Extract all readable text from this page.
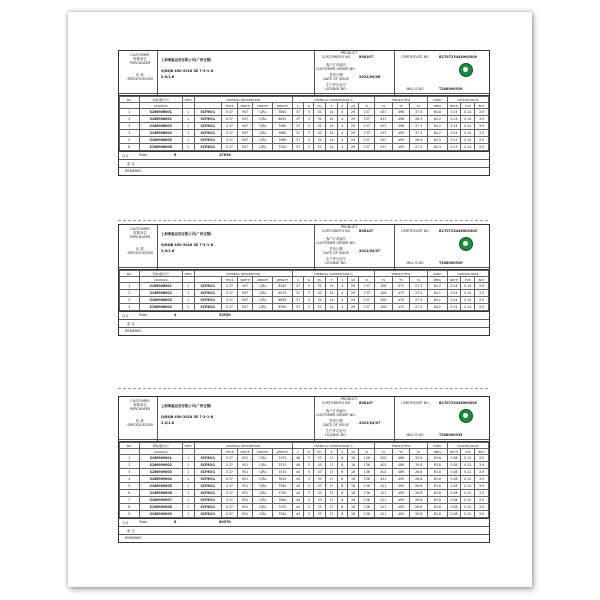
CUSTOMER
需要单位
PURCHASER
标 准
SPECIFICATION
上海奥惠运货有限公司(广州宝钢)
Q/BQB 450-2018 SE 7-3-1-8
2.0/1.6
PRODUCT
CUSTOMER'S NO	808107
客户订单编号
CUSTOMER ORDER NO.
签发日期
DATE OF ISSUE	2021/04/06
生产许可证号
LICENSE NO.
CERTIFICATE NO	B170723448900300
MILL'S NO	T208000929
NO.	钢卷(捆)包号	HEAT	MATERIAL DESCRIPTION					CHEMICAL COMPOSITION %							TENSILE TEST			HARD	COATING MASS		
	COILPACK			THICK	WIDTH	LENGTH	WEIGHT	C	Si	Mn	P	S	Alt	N	YS	TS	EL	NESS	BOTH	TOP	BOT
1	S166906001	1	SCF60/1	0.37	947	C/BL	7840	37	3	32	14	4	29	137	437	496	37.3	64.8	0.14	0.14	3.9
2	S166906002	1	SCF60/1	0.37	947	C/BL	8610	37	3	32	14	4	29	137	437	496	26.3	64.2	0.14	0.14	3.9
3	S166906003	1	SCF60/1	0.37	947	C/BL	7080	37	3	32	14	4	29	137	437	496	37.3	64.2	0.14	0.14	3.9
4	S166906004	1	SCF60/1	0.37	947	C/BL	7680	37	3	32	14	4	29	137	437	495	37.3	64.2	0.14	0.14	3.9
5	S166906005	1	SCF60/1	0.37	947	C/BL	7960	37	3	32	14	4	29	137	437	495	26.9	64.5	0.13	0.14	3.9
6	S166906006	1	SCF60/1	0.37	947	C/BL	7520	37	3	32	14	4	29	137	437	495	27.2	64.3	0.13	0.14	3.9
合计	Total	6	47630
备 注
REMARKS
CUSTOMER
需要单位
PURCHASER
标 准
SPECIFICATION
上海奥惠运货有限公司(广州宝钢)
Q/BQB 450-2018 SE 7-3-1-8
2.0/1.6
PRODUCT
CUSTOMER'S NO	808107
客户订单编号
CUSTOMER ORDER NO.
签发日期
DATE OF ISSUE	2021/04/07
生产许可证号
LICENSE NO.
CERTIFICATE NO	B170723448900300
MILL'S NO	T208000929
NO.	钢卷(捆)包号	HEAT	MATERIAL DESCRIPTION					CHEMICAL COMPOSITION %							TENSILE TEST			HARD	COATING MASS		
	COILPACK			THICK	WIDTH	LENGTH	WEIGHT	C	Si	Mn	P	S	Alt	N	YS	TS	EL	NESS	BOTH	TOP	BOT
1	S166906001	1	SCF60/1	0.37	947	C/BL	8340	37	3	32	14	4	29	137	426	475	27.3	64.2	0.14	0.14	3.9
2	S166906002	1	SCF60/1	0.37	947	C/BL	8570	37	3	32	14	4	29	137	426	475	27.2	64.1	0.14	0.14	3.9
3	S166906003	1	SCF60/1	0.37	947	C/BL	8630	37	3	32	14	4	29	137	426	475	27.2	64.1	0.14	0.14	3.9
4	S166906004	1	SCF60/1	0.37	947	C/BL	8390	37	3	32	14	4	29	137	426	475	27.2	64.2	0.14	0.14	3.9
合计	Total	4	33930
备 注
REMARKS
CUSTOMER
需要单位
PURCHASER
标 准
SPECIFICATION
上海奥惠运货有限公司(广州宝钢)
Q/BQB 450-2018 SE 7-3-1-8
2.0/1.6
PRODUCT
CUSTOMER'S NO	808107
客户订单编号
CUSTOMER ORDER NO.
签发日期
DATE OF ISSUE	2021/04/07
生产许可证号
LICENSE NO.
CERTIFICATE NO	B170723448900300
MILL'S NO	T208000933
NO.	钢卷(捆)包号	HEAT	MATERIAL DESCRIPTION					CHEMICAL COMPOSITION %							TENSILE TEST			HARD	COATING MASS		
	COILPACK			THICK	WIDTH	LENGTH	WEIGHT	C	Si	Mn	P	S	Alt	N	YS	TS	EL	NESS	BOTH	TOP	BOT
1	S166909001	1	SCF60/1	0.37	951	C/BL	7470	48	3	33	17	8	18	136	402	489	35.8	63.8	0.08	0.12	3.9
2	S166909002	1	SCF60/1	0.37	951	C/BL	7570	48	3	33	17	8	18	136	402	489	35.8	63.8	0.08	0.12	3.9
3	S166909003	1	SCF60/1	0.37	951	C/BL	7470	44	3	33	17	8	18	136	402	489	26.8	63.8	0.08	0.12	3.9
4	S166909004	1	SCF60/1	0.37	951	C/BL	7810	44	3	33	17	8	18	136	411	495	26.8	63.8	0.08	0.12	3.9
5	S166909005	1	SCF60/1	0.37	951	C/BL	7540	44	3	33	17	8	18	136	411	495	26.8	63.8	0.08	0.12	3.9
6	S166909006	1	SCF60/1	0.37	951	C/BL	7750	44	3	33	17	8	18	136	411	495	26.8	63.8	0.08	0.12	3.9
7	S166909007	1	SCF60/1	0.37	951	C/BL	7640	44	3	33	17	8	18	136	411	495	26.8	63.8	0.08	0.12	3.9
8	S166909008	1	SCF60/1	0.37	951	C/BL	7470	44	3	33	17	8	18	136	411	495	26.8	63.8	0.08	0.12	3.9
9	S166909009	1	SCF60/1	0.37	951	C/BL	7540	44	3	33	17	8	18	136	411	495	26.8	63.8	0.08	0.12	3.9
合计	Total	8	60970
备 注
REMARKS
